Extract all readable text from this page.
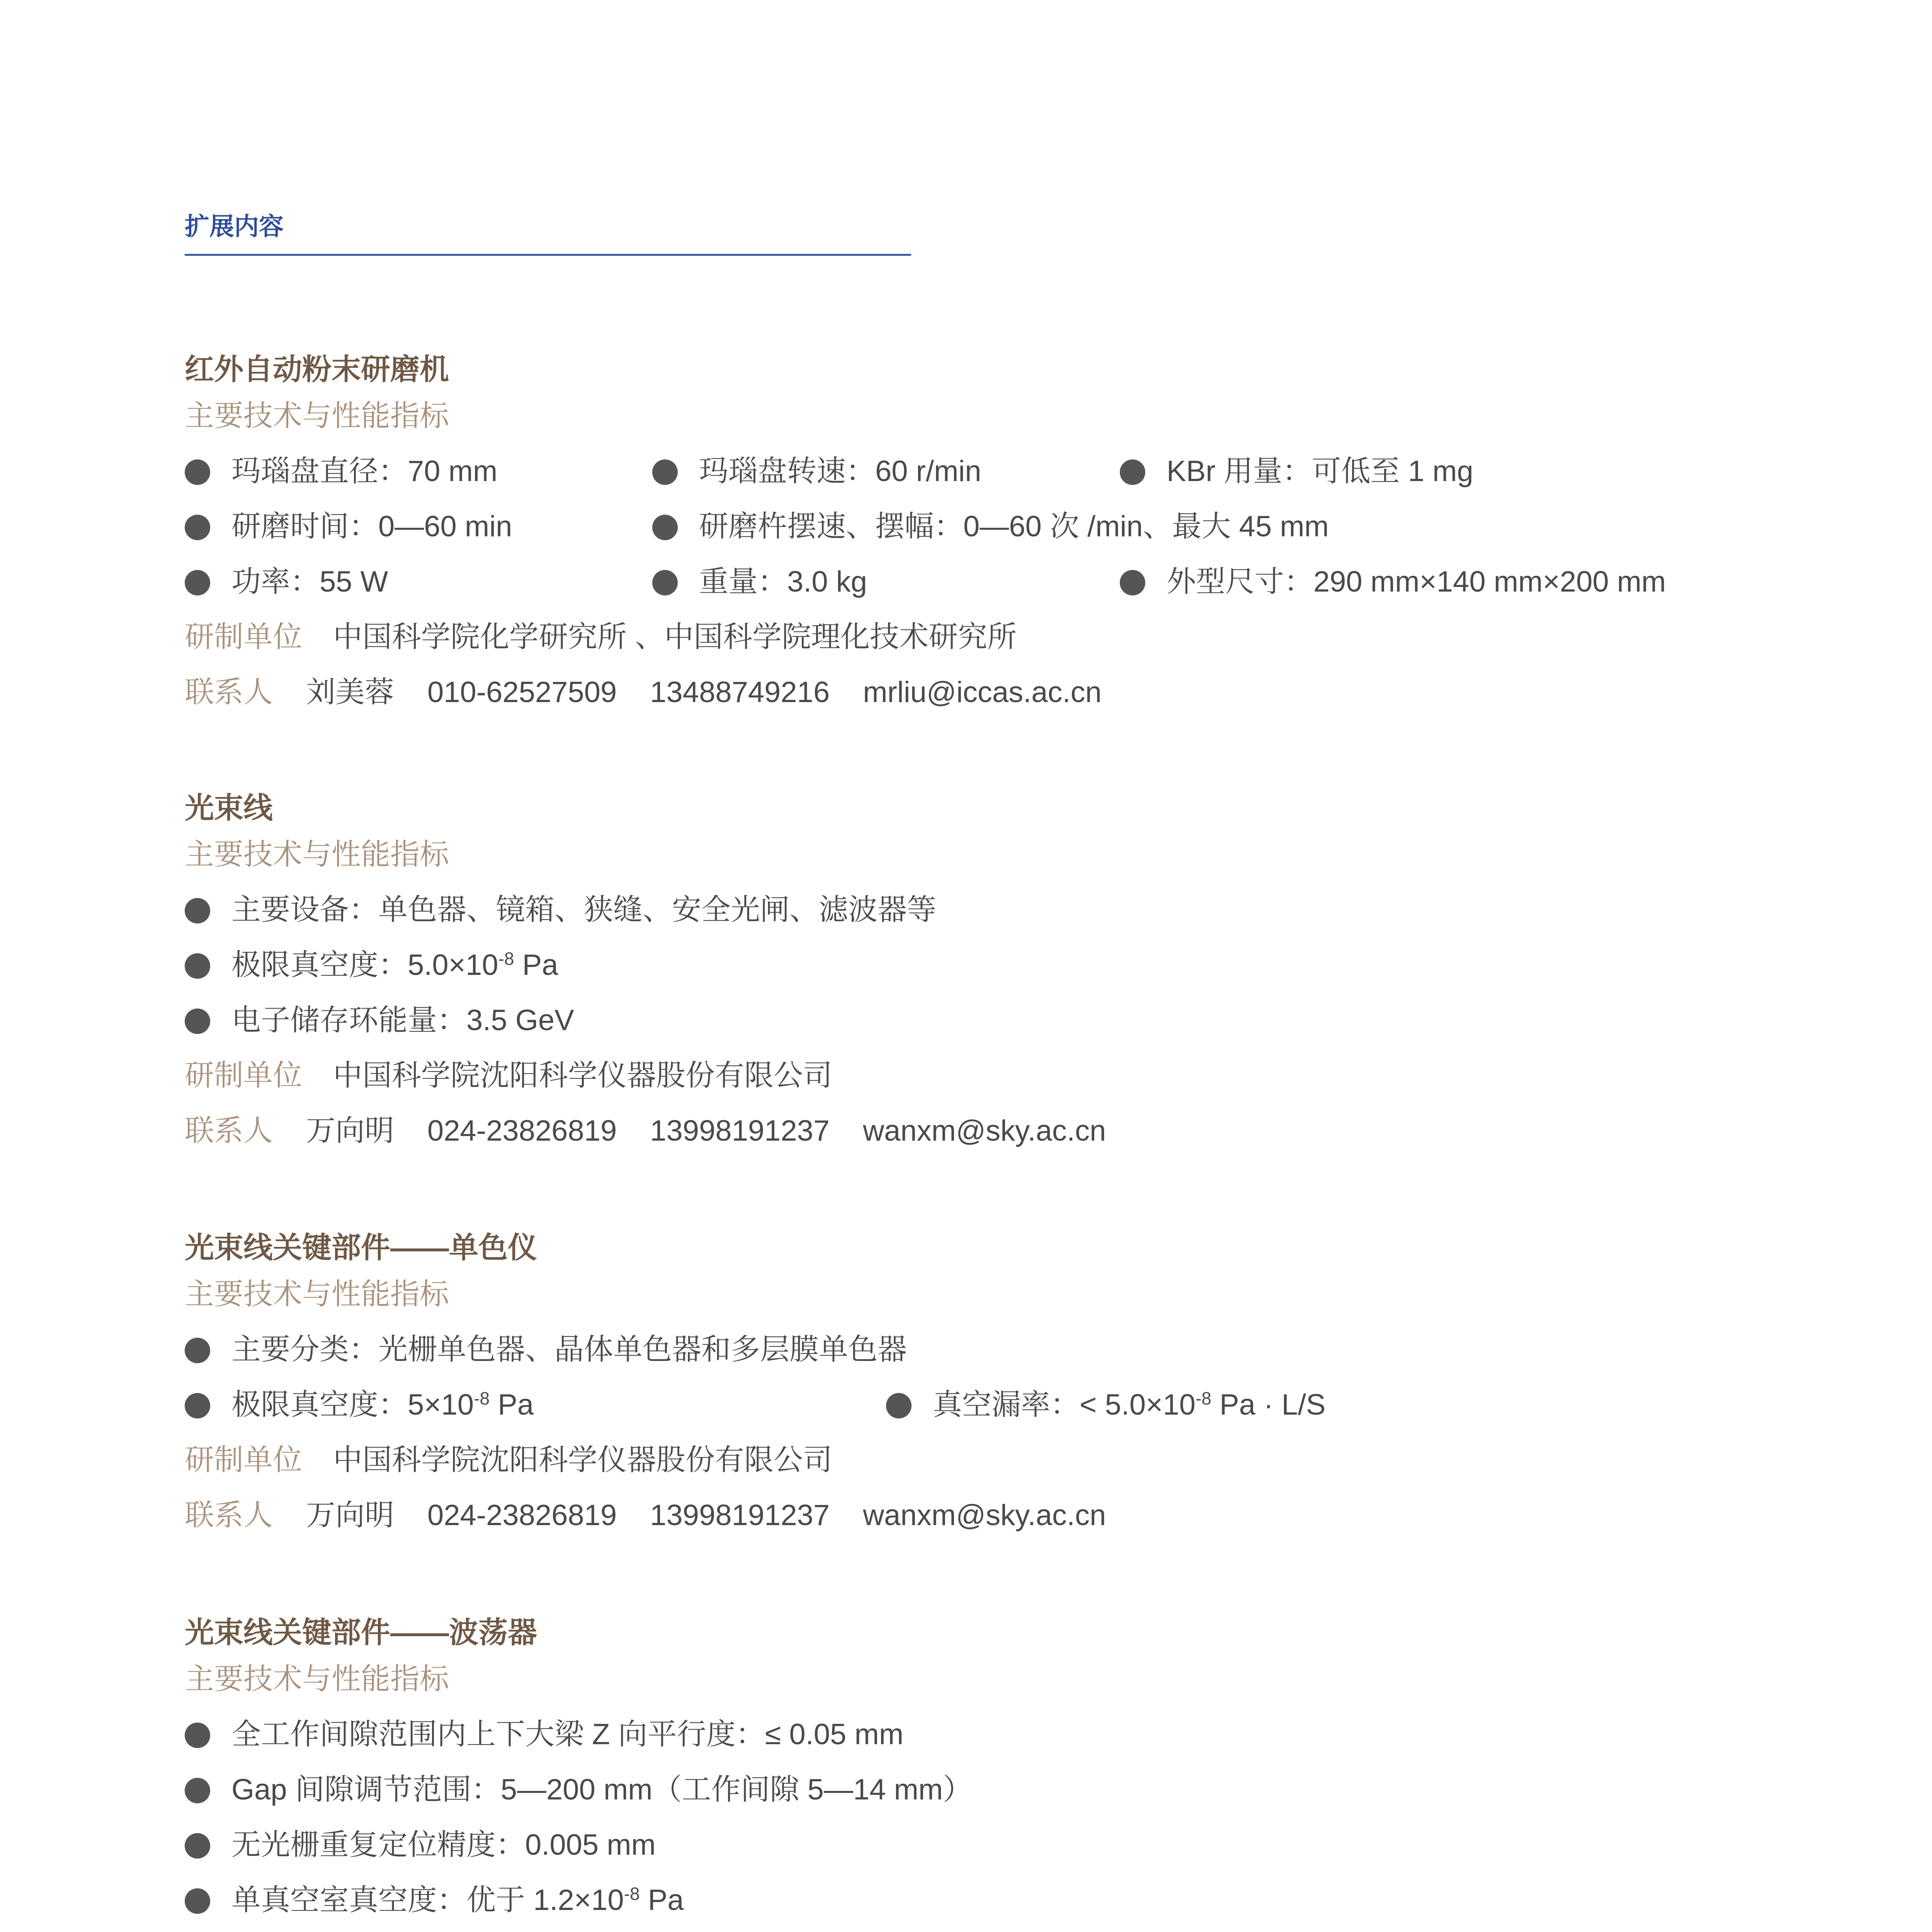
扩展内容
红外自动粉末研磨机
主要技术与性能指标
玛瑙盘直径：70 mm	玛瑙盘转速：60 r/min	KBr 用量：可低至 1 mg
研磨时间：0—60 min	研磨杵摆速、摆幅：0—60 次 /min、最大 45 mm
功率：55 W	重量：3.0 kg	外型尺寸：290 mm×140 mm×200 mm
研制单位 中国科学院化学研究所 、中国科学院理化技术研究所
联系人 刘美蓉 010-62527509 13488749216 mrliu@iccas.ac.cn
光束线
主要技术与性能指标
主要设备：单色器、镜箱、狭缝、安全光闸、滤波器等
极限真空度：$5.0\times 10^{-8}$ Pa
电子储存环能量：3.5 GeV
研制单位 中国科学院沈阳科学仪器股份有限公司
联系人 万向明 024-23826819 13998191237 wanxm@sky.ac.cn
光束线关键部件——单色仪
主要技术与性能指标
主要分类：光栅单色器、晶体单色器和多层膜单色器
极限真空度：$5\times 10^{-8}$ Pa	真空漏率：< $5.0\times 10^{-8}$ Pa · L/S
研制单位 中国科学院沈阳科学仪器股份有限公司
联系人 万向明 024-23826819 13998191237 wanxm@sky.ac.cn
光束线关键部件——波荡器
主要技术与性能指标
全工作间隙范围内上下大梁 Z 向平行度：≤ 0.05 mm
Gap 间隙调节范围：5—200 mm（工作间隙 5—14 mm）
无光栅重复定位精度：0.005 mm
单真空室真空度：优于 $1.2\times 10^{-8}$ Pa
